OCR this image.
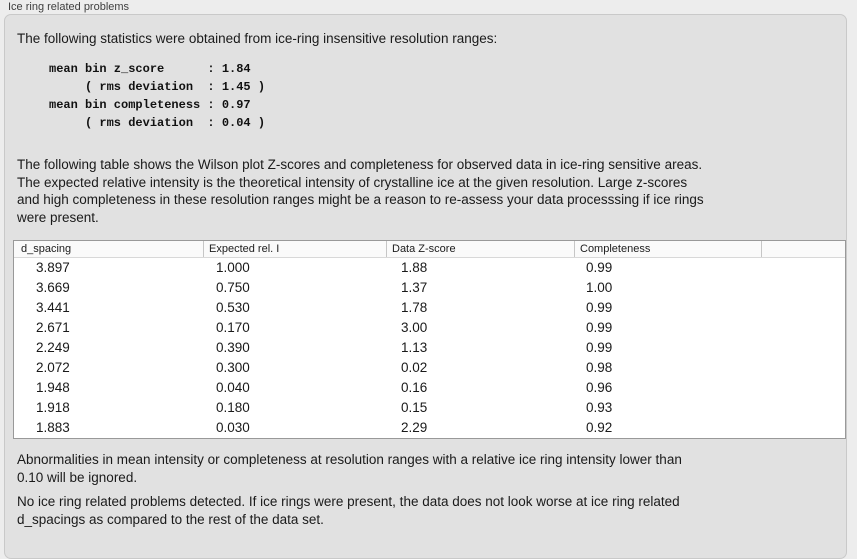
Ice ring related problems
The following statistics were obtained from ice-ring insensitive resolution ranges:
mean bin z_score      : 1.84
( rms deviation  : 1.45 )
mean bin completeness : 0.97
( rms deviation  : 0.04 )
The following table shows the Wilson plot Z-scores and completeness for observed data in ice-ring sensitive areas.
The expected relative intensity is the theoretical intensity of crystalline ice at the given resolution. Large z-scores
and high completeness in these resolution ranges might be a reason to re-assess your data processsing if ice rings
were present.
d_spacing	Expected rel. I	Data Z-score	Completeness
3.897	1.000	1.88	0.99
3.669	0.750	1.37	1.00
3.441	0.530	1.78	0.99
2.671	0.170	3.00	0.99
2.249	0.390	1.13	0.99
2.072	0.300	0.02	0.98
1.948	0.040	0.16	0.96
1.918	0.180	0.15	0.93
1.883	0.030	2.29	0.92
Abnormalities in mean intensity or completeness at resolution ranges with a relative ice ring intensity lower than
0.10 will be ignored.
No ice ring related problems detected. If ice rings were present, the data does not look worse at ice ring related
d_spacings as compared to the rest of the data set.
